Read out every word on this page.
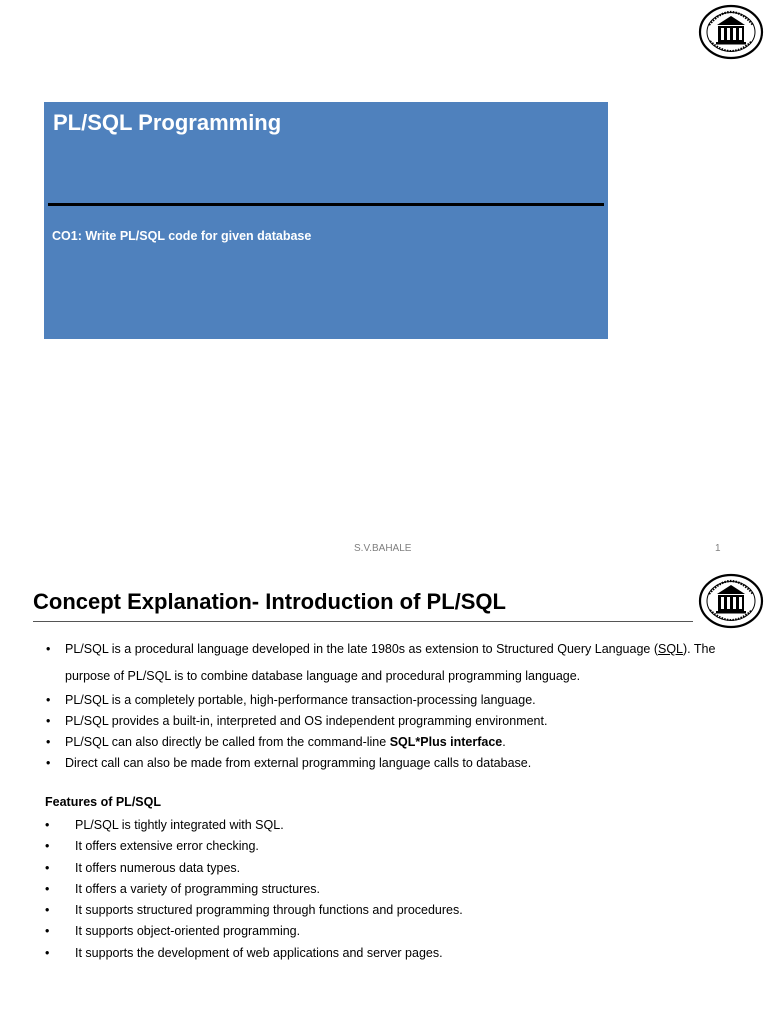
PL/SQL Programming

CO1: Write PL/SQL code for given database

S.V.BAHALE	1
Concept Explanation- Introduction of PL/SQL
• PL/SQL is a procedural language developed in the late 1980s as extension to Structured Query Language (SQL). The purpose of PL/SQL is to combine database language and procedural programming language.
• PL/SQL is a completely portable, high-performance transaction-processing language.
• PL/SQL provides a built-in, interpreted and OS independent programming environment.
• PL/SQL can also directly be called from the command-line SQL*Plus interface.
• Direct call can also be made from external programming language calls to database.
Features of PL/SQL
• PL/SQL is tightly integrated with SQL.
• It offers extensive error checking.
• It offers numerous data types.
• It offers a variety of programming structures.
• It supports structured programming through functions and procedures.
• It supports object-oriented programming.
• It supports the development of web applications and server pages.
